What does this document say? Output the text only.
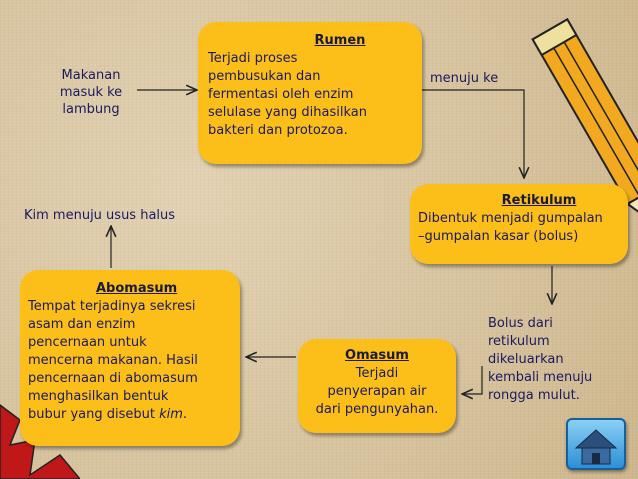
Makanan
masuk ke
lambung
Rumen
Terjadi proses
pembusukan dan
fermentasi oleh enzim
selulase yang dihasilkan
bakteri dan protozoa.
menuju ke
Retikulum
Dibentuk menjadi gumpalan
–gumpalan kasar (bolus)
Kim menuju usus halus
Bolus dari
retikulum
dikeluarkan
kembali menuju
rongga mulut.
Omasum
Terjadi
penyerapan air
dari pengunyahan.
Abomasum
Tempat terjadinya sekresi
asam dan enzim
pencernaan untuk
mencerna makanan. Hasil
pencernaan di abomasum
menghasilkan bentuk
bubur yang disebut kim.
